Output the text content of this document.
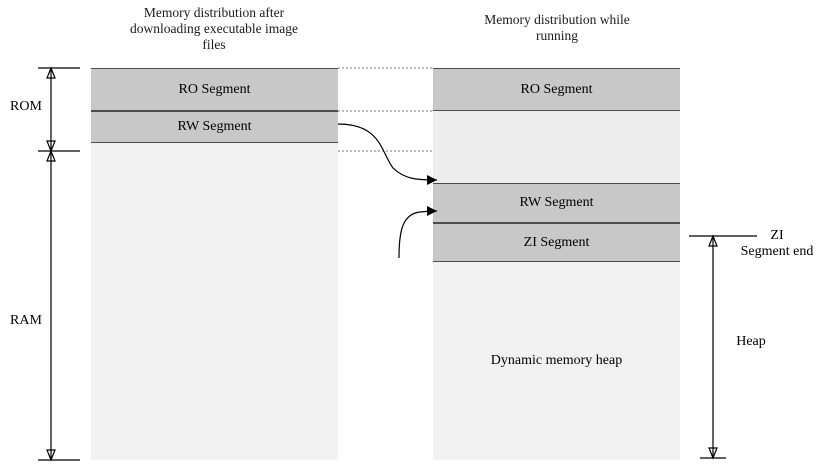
Memory distribution after downloading executable image files
Memory distribution while running
RO Segment
RW Segment
RO Segment
RW Segment
ZI Segment
Dynamic memory heap
ROM
RAM
ZI
Segment end
Heap
